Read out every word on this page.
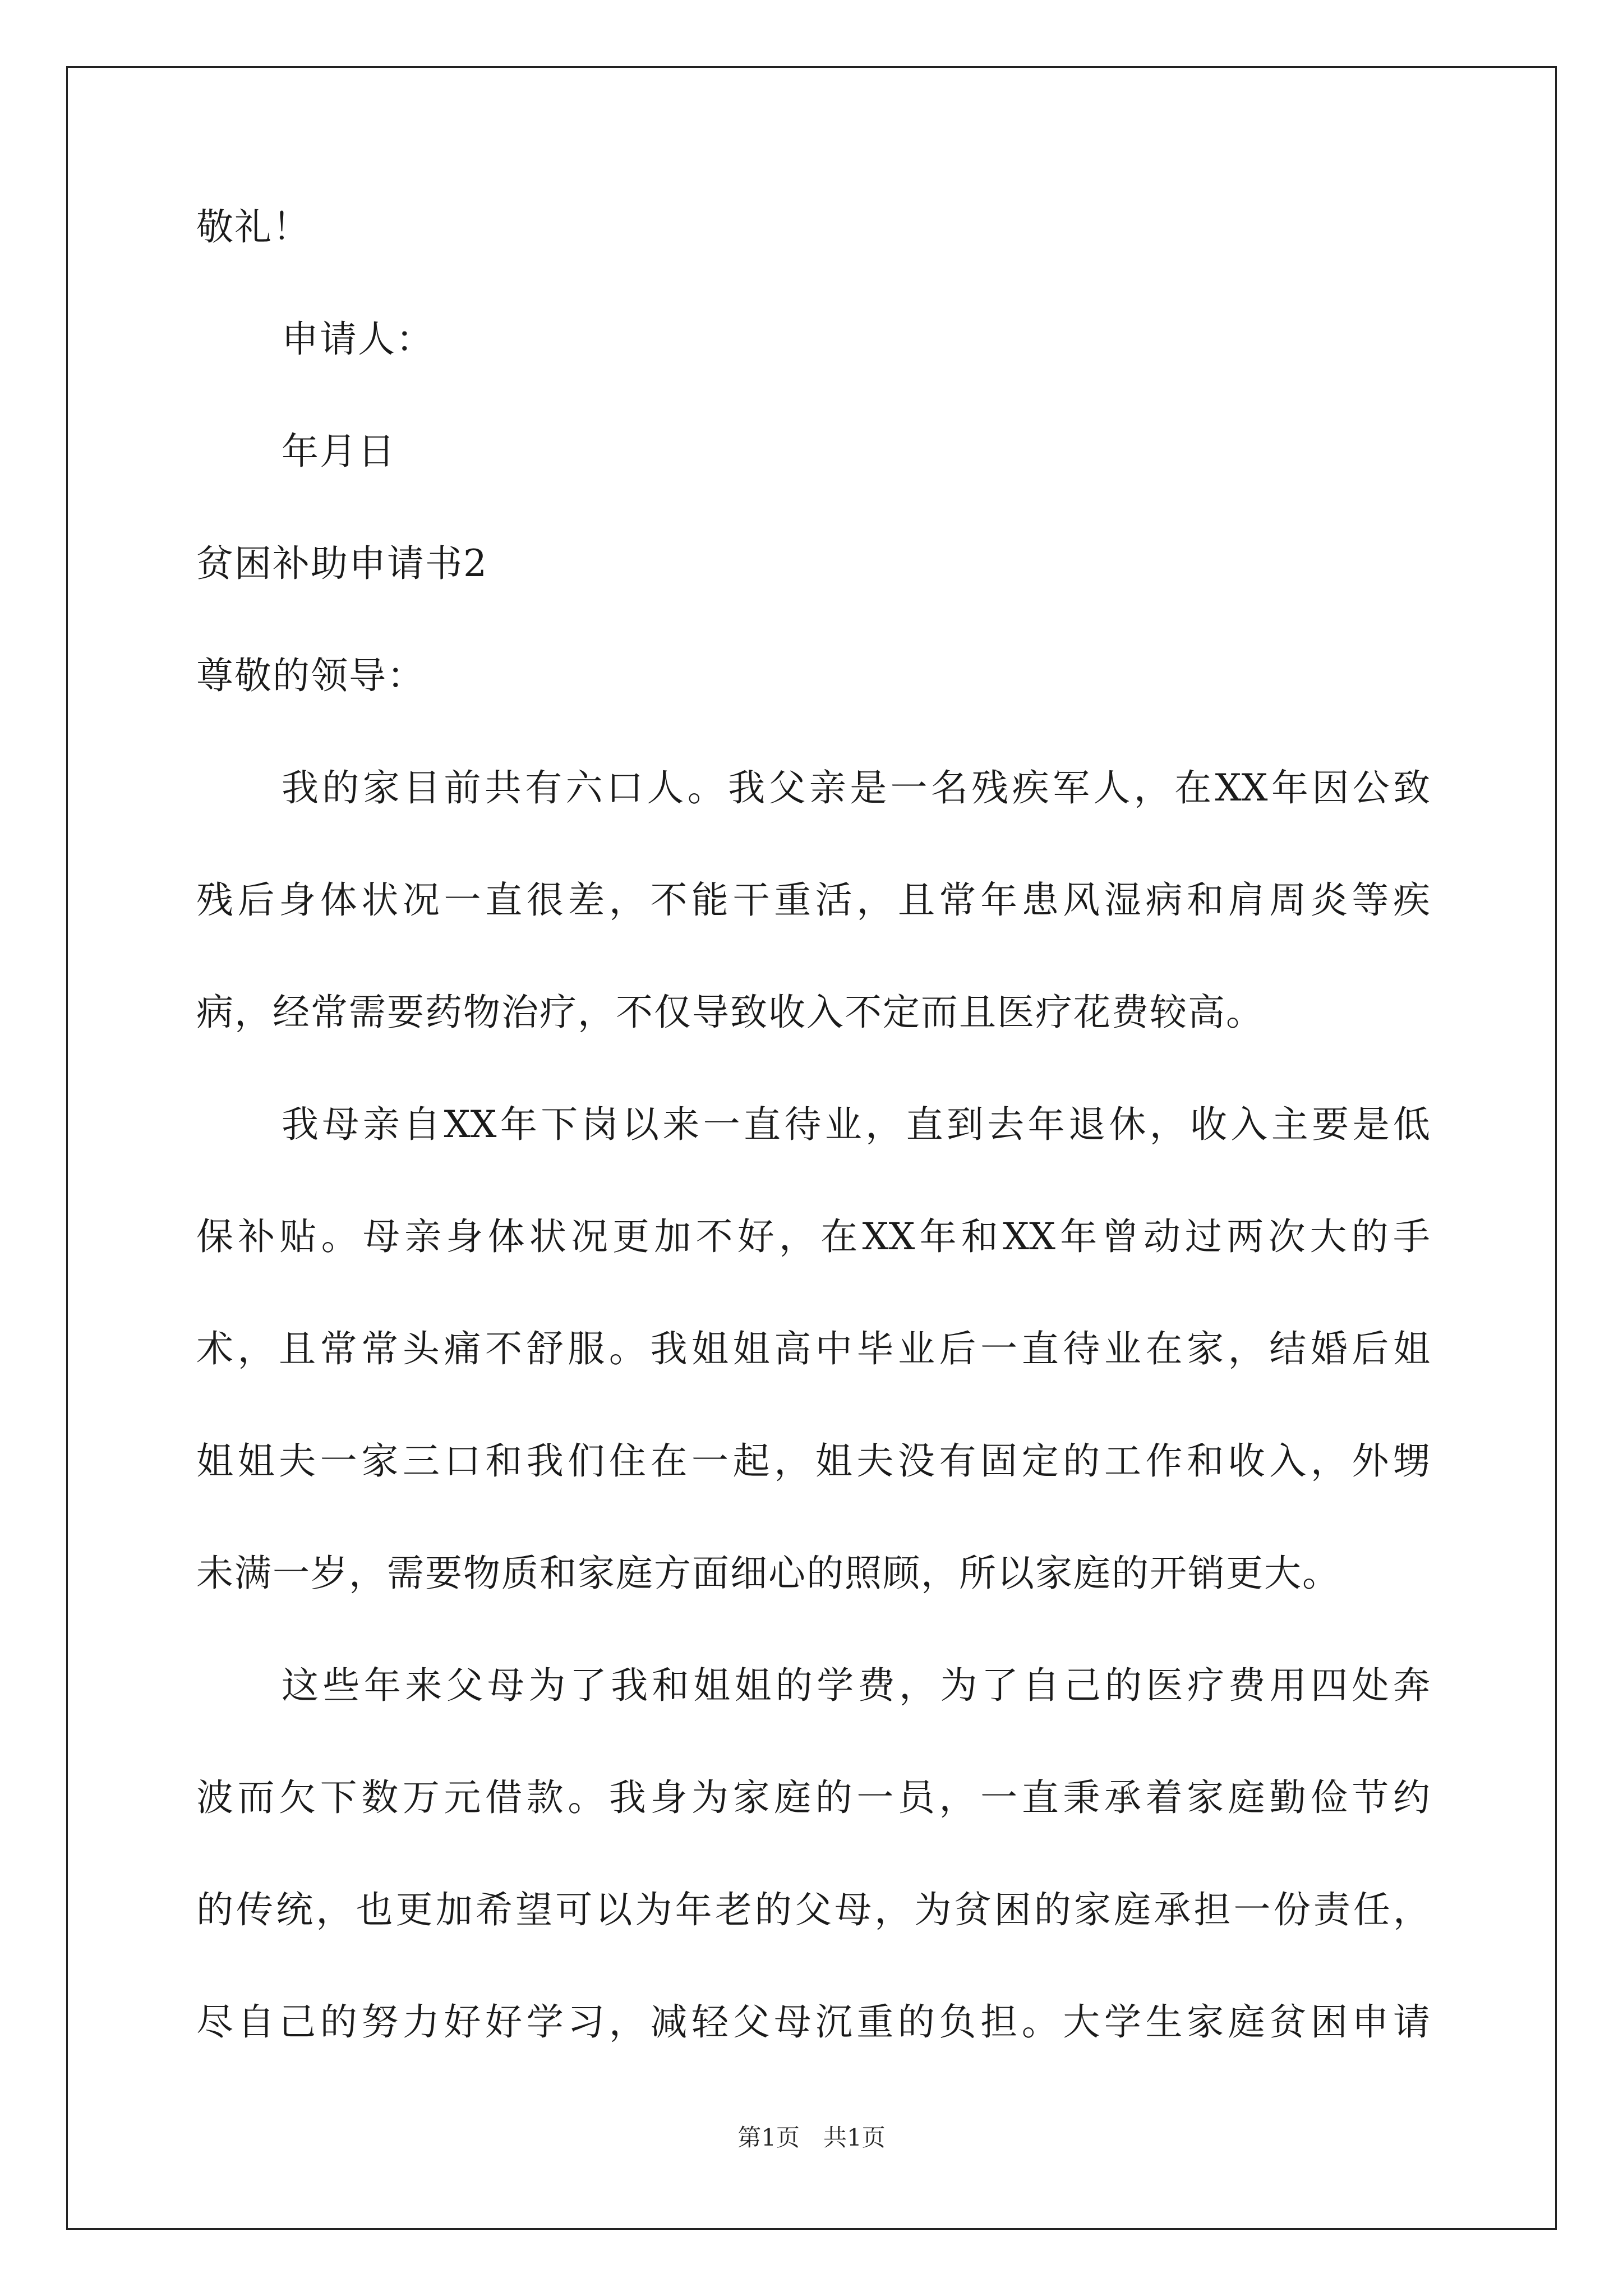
敬礼！
申请人：
年月日
贫困补助申请书2
尊敬的领导：
我的家目前共有六口人。我父亲是一名残疾军人，在XX年因公致
残后身体状况一直很差，不能干重活，且常年患风湿病和肩周炎等疾
病，经常需要药物治疗，不仅导致收入不定而且医疗花费较高。
我母亲自XX年下岗以来一直待业，直到去年退休，收入主要是低
保补贴。母亲身体状况更加不好，在XX年和XX年曾动过两次大的手
术，且常常头痛不舒服。我姐姐高中毕业后一直待业在家，结婚后姐
姐姐夫一家三口和我们住在一起，姐夫没有固定的工作和收入，外甥
未满一岁，需要物质和家庭方面细心的照顾，所以家庭的开销更大。
这些年来父母为了我和姐姐的学费，为了自己的医疗费用四处奔
波而欠下数万元借款。我身为家庭的一员，一直秉承着家庭勤俭节约
的传统，也更加希望可以为年老的父母，为贫困的家庭承担一份责任，
尽自己的努力好好学习，减轻父母沉重的负担。大学生家庭贫困申请
第1页　共1页
